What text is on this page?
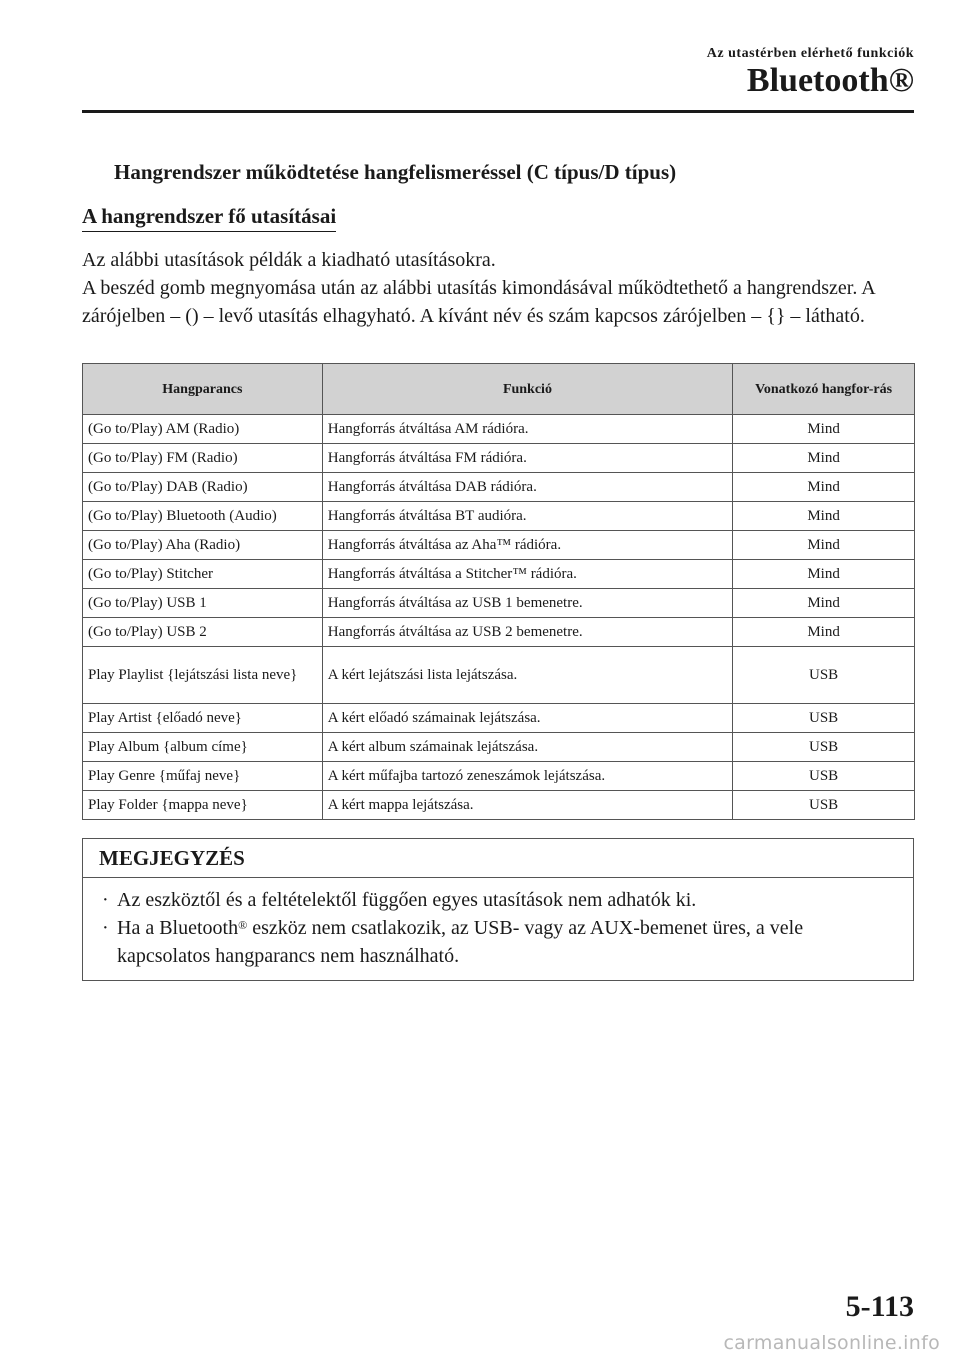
Az utastérben elérhető funkciók
Bluetooth®
Hangrendszer működtetése hangfelismeréssel (C típus/D típus)
A hangrendszer fő utasításai

Az alábbi utasítások példák a kiadható utasításokra.

A beszéd gomb megnyomása után az alábbi utasítás kimondásával működtethető a hangrendszer. A zárójelben – () – levő utasítás elhagyható. A kívánt név és szám kapcsos zárójelben – {} – látható.

Hangparancs	Funkció	Vonatkozó hangfor-rás
(Go to/Play) AM (Radio)	Hangforrás átváltása AM rádióra.	Mind
(Go to/Play) FM (Radio)	Hangforrás átváltása FM rádióra.	Mind
(Go to/Play) DAB (Radio)	Hangforrás átváltása DAB rádióra.	Mind
(Go to/Play) Bluetooth (Audio)	Hangforrás átváltása BT audióra.	Mind
(Go to/Play) Aha (Radio)	Hangforrás átváltása az Aha™ rádióra.	Mind
(Go to/Play) Stitcher	Hangforrás átváltása a Stitcher™ rádióra.	Mind
(Go to/Play) USB 1	Hangforrás átváltása az USB 1 bemenetre.	Mind
(Go to/Play) USB 2	Hangforrás átváltása az USB 2 bemenetre.	Mind
Play Playlist {lejátszási lista neve}	A kért lejátszási lista lejátszása.	USB
Play Artist {előadó neve}	A kért előadó számainak lejátszása.	USB
Play Album {album címe}	A kért album számainak lejátszása.	USB
Play Genre {műfaj neve}	A kért műfajba tartozó zeneszámok lejátszása.	USB
Play Folder {mappa neve}	A kért mappa lejátszása.	USB
MEGJEGYZÉS
· Az eszköztől és a feltételektől függően egyes utasítások nem adhatók ki.
· Ha a Bluetooth® eszköz nem csatlakozik, az USB- vagy az AUX-bemenet üres, a vele kapcsolatos hangparancs nem használható.
5-113
carmanualsonline.info
